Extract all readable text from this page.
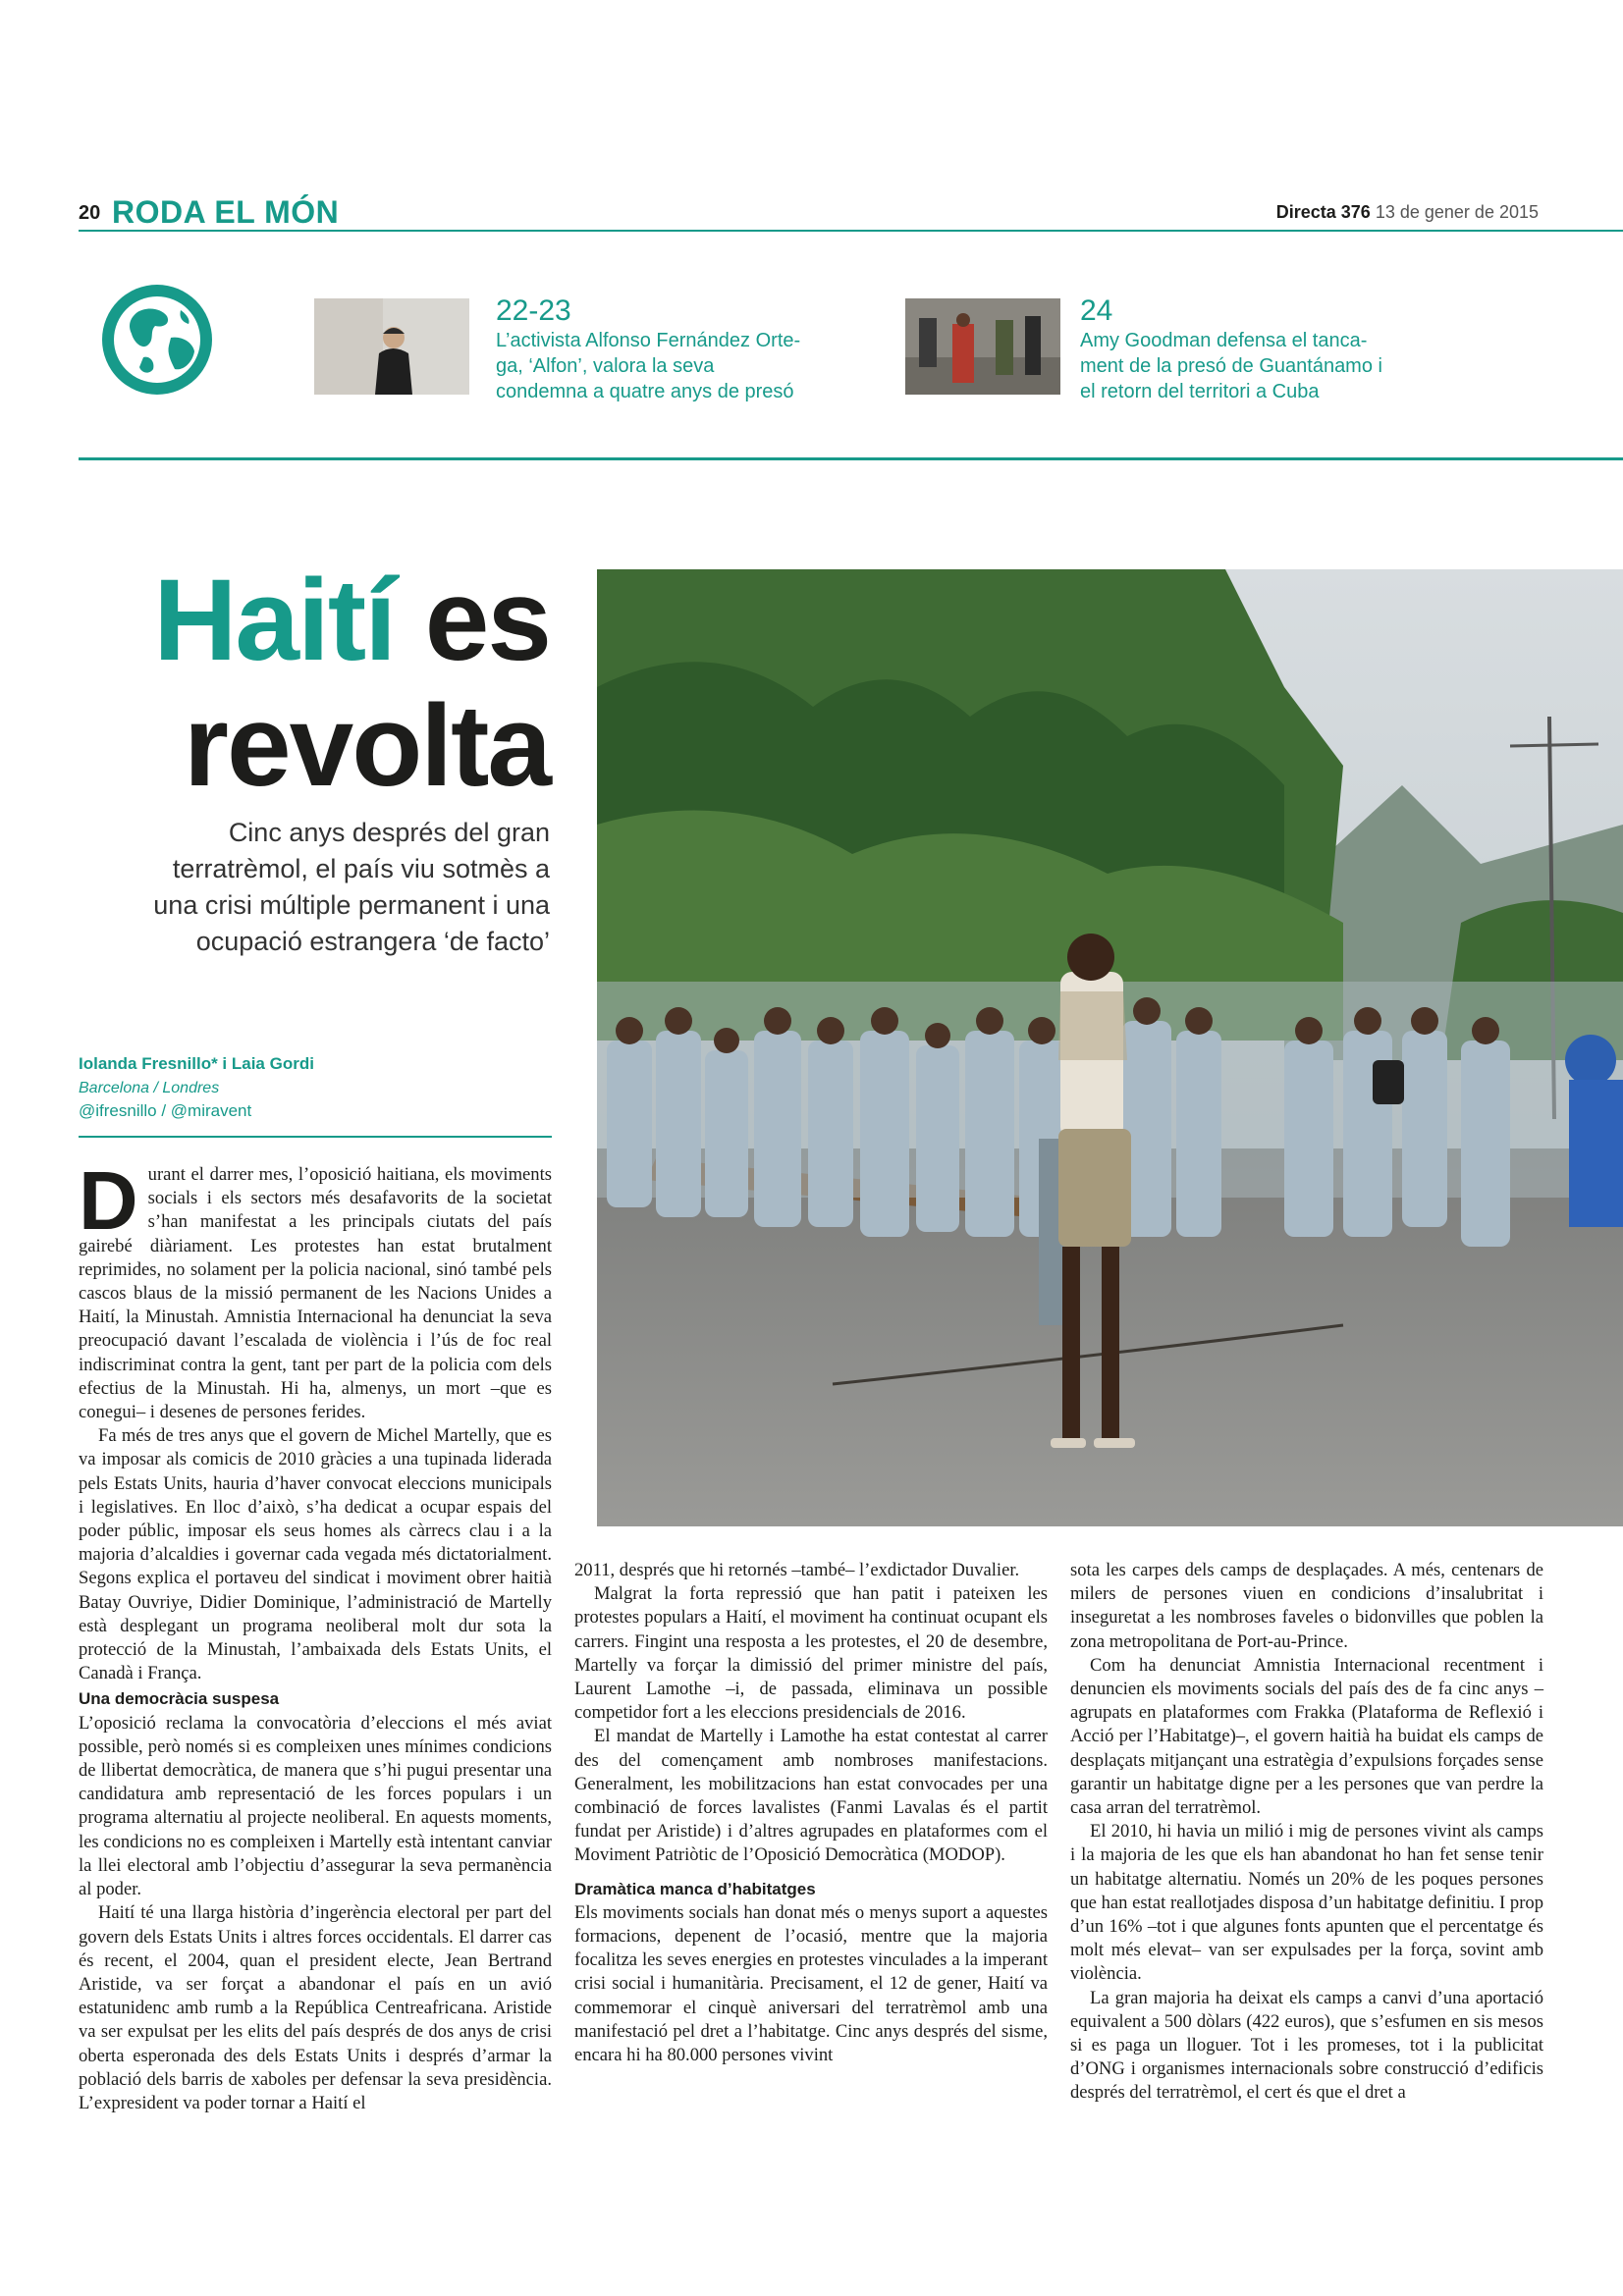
20 RODA EL MÓN	Directa 376 13 de gener de 2015
22-23
L’activista Alfonso Fernández Orte-
ga, ‘Alfon’, valora la seva
condemna a quatre anys de presó
24
Amy Goodman defensa el tanca-
ment de la presó de Guantánamo i
el retorn del territori a Cuba
Haití es
revolta
Cinc anys després del gran
terratrèmol, el país viu sotmès a
una crisi múltiple permanent i una
ocupació estrangera ‘de facto’
Iolanda Fresnillo* i Laia Gordi
Barcelona / Londres
@ifresnillo / @miravent

Durant el darrer mes, l’oposició haitiana, els moviments socials i els sectors més desafavorits de la societat s’han manifestat a les principals ciutats del país gairebé diàriament. Les protestes han estat brutalment reprimides, no solament per la policia nacional, sinó també pels cascos blaus de la missió permanent de les Nacions Unides a Haití, la Minustah. Amnistia Internacional ha denunciat la seva preocupació davant l’escalada de violència i l’ús de foc real indiscriminat contra la gent, tant per part de la policia com dels efectius de la Minustah. Hi ha, almenys, un mort –que es conegui– i desenes de persones ferides.

Fa més de tres anys que el govern de Michel Martelly, que es va imposar als comicis de 2010 gràcies a una tupinada liderada pels Estats Units, hauria d’haver convocat eleccions municipals i legislatives. En lloc d’això, s’ha dedicat a ocupar espais del poder públic, imposar els seus homes als càrrecs clau i a la majoria d’alcaldies i governar cada vegada més dictatorialment. Segons explica el portaveu del sindicat i moviment obrer haitià Batay Ouvriye, Didier Dominique, l’administració de Martelly està desplegant un programa neoliberal molt dur sota la protecció de la Minustah, l’ambaixada dels Estats Units, el Canadà i França.

Una democràcia suspesa

L’oposició reclama la convocatòria d’eleccions el més aviat possible, però només si es compleixen unes mínimes condicions de llibertat democràtica, de manera que s’hi pugui presentar una candidatura amb representació de les forces populars i un programa alternatiu al projecte neoliberal. En aquests moments, les condicions no es compleixen i Martelly està intentant canviar la llei electoral amb l’objectiu d’assegurar la seva permanència al poder.

Haití té una llarga història d’ingerència electoral per part del govern dels Estats Units i altres forces occidentals. El darrer cas és recent, el 2004, quan el president electe, Jean Bertrand Aristide, va ser forçat a abandonar el país en un avió estatunidenc amb rumb a la República Centreafricana. Aristide va ser expulsat per les elits del país després de dos anys de crisi oberta esperonada des dels Estats Units i després d’armar la població dels barris de xaboles per defensar la seva presidència. L’expresident va poder tornar a Haití el

2011, després que hi retornés –també– l’exdictador Duvalier.

Malgrat la forta repressió que han patit i pateixen les protestes populars a Haití, el moviment ha continuat ocupant els carrers. Fingint una resposta a les protestes, el 20 de desembre, Martelly va forçar la dimissió del primer ministre del país, Laurent Lamothe –i, de passada, eliminava un possible competidor fort a les eleccions presidencials de 2016.

El mandat de Martelly i Lamothe ha estat contestat al carrer des del començament amb nombroses manifestacions. Generalment, les mobilitzacions han estat convocades per una combinació de forces lavalistes (Fanmi Lavalas és el partit fundat per Aristide) i d’altres agrupades en plataformes com el Moviment Patriòtic de l’Oposició Democràtica (MODOP).

Dramàtica manca d’habitatges

Els moviments socials han donat més o menys suport a aquestes formacions, depenent de l’ocasió, mentre que la majoria focalitza les seves energies en protestes vinculades a la imperant crisi social i humanitària. Precisament, el 12 de gener, Haití va commemorar el cinquè aniversari del terratrèmol amb una manifestació pel dret a l’habitatge. Cinc anys després del sisme, encara hi ha 80.000 persones vivint

sota les carpes dels camps de desplaçades. A més, centenars de milers de persones viuen en condicions d’insalubritat i inseguretat a les nombroses faveles o bidonvilles que poblen la zona metropolitana de Port-au-Prince.

Com ha denunciat Amnistia Internacional recentment i denuncien els moviments socials del país des de fa cinc anys –agrupats en plataformes com Frakka (Plataforma de Reflexió i Acció per l’Habitatge)–, el govern haitià ha buidat els camps de desplaçats mitjançant una estratègia d’expulsions forçades sense garantir un habitatge digne per a les persones que van perdre la casa arran del terratrèmol.

El 2010, hi havia un milió i mig de persones vivint als camps i la majoria de les que els han abandonat ho han fet sense tenir un habitatge alternatiu. Només un 20% de les poques persones que han estat reallotjades disposa d’un habitatge definitiu. I prop d’un 16% –tot i que algunes fonts apunten que el percentatge és molt més elevat– van ser expulsades per la força, sovint amb violència.

La gran majoria ha deixat els camps a canvi d’una aportació equivalent a 500 dòlars (422 euros), que s’esfumen en sis mesos si es paga un lloguer. Tot i les promeses, tot i la publicitat d’ONG i organismes internacionals sobre construcció d’edificis després del terratrèmol, el cert és que el dret a
